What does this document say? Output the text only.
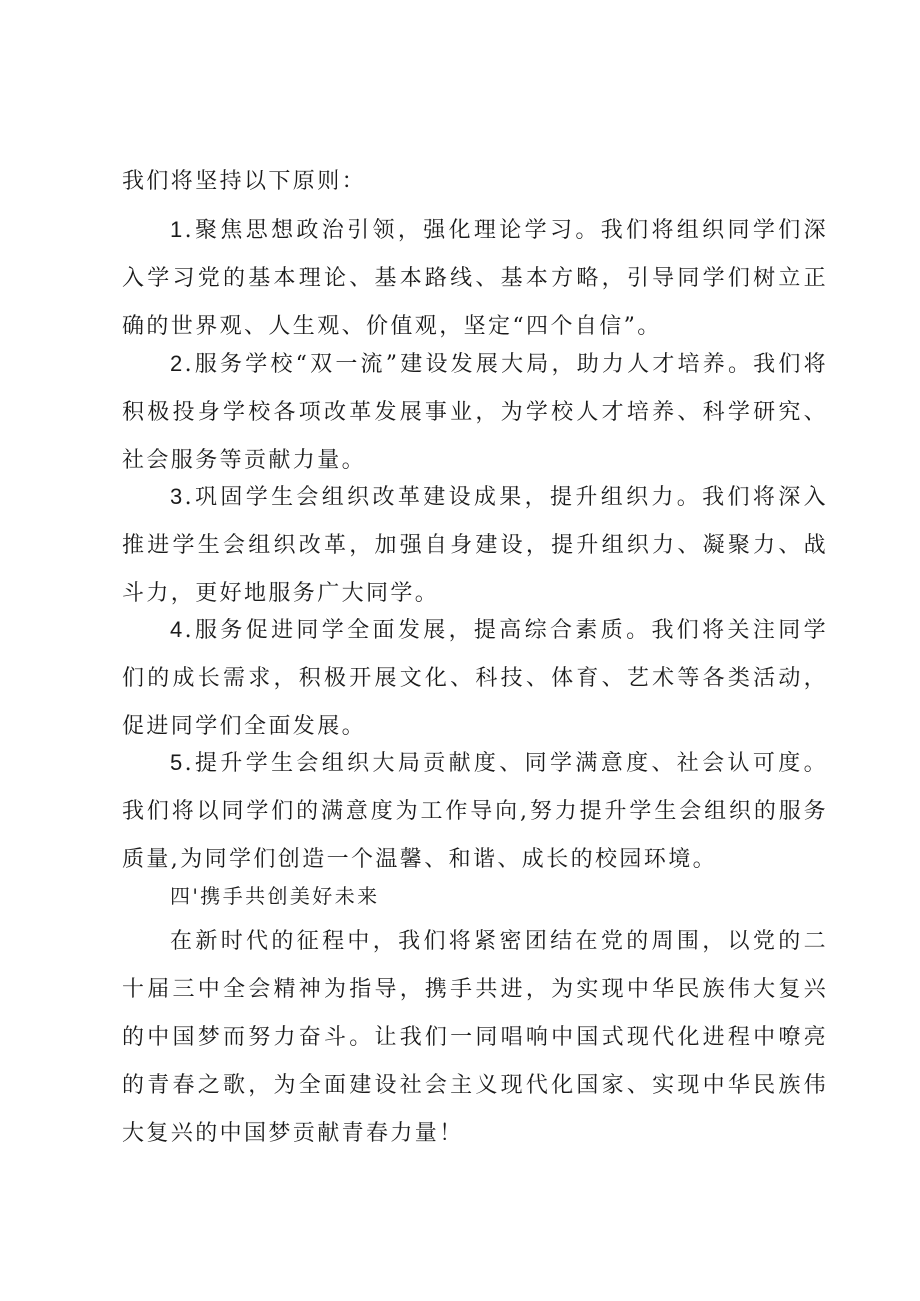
我们将坚持以下原则：

1.聚焦思想政治引领，强化理论学习。我们将组织同学们深入学习党的基本理论、基本路线、基本方略，引导同学们树立正确的世界观、人生观、价值观，坚定“四个自信”。

2.服务学校“双一流”建设发展大局，助力人才培养。我们将积极投身学校各项改革发展事业，为学校人才培养、科学研究、社会服务等贡献力量。

3.巩固学生会组织改革建设成果，提升组织力。我们将深入推进学生会组织改革，加强自身建设，提升组织力、凝聚力、战斗力，更好地服务广大同学。

4.服务促进同学全面发展，提高综合素质。我们将关注同学们的成长需求，积极开展文化、科技、体育、艺术等各类活动，促进同学们全面发展。

5.提升学生会组织大局贡献度、同学满意度、社会认可度。我们将以同学们的满意度为工作导向,努力提升学生会组织的服务质量,为同学们创造一个温馨、和谐、成长的校园环境。

四'携手共创美好未来

在新时代的征程中，我们将紧密团结在党的周围，以党的二十届三中全会精神为指导，携手共进，为实现中华民族伟大复兴的中国梦而努力奋斗。让我们一同唱响中国式现代化进程中嘹亮的青春之歌，为全面建设社会主义现代化国家、实现中华民族伟大复兴的中国梦贡献青春力量！
